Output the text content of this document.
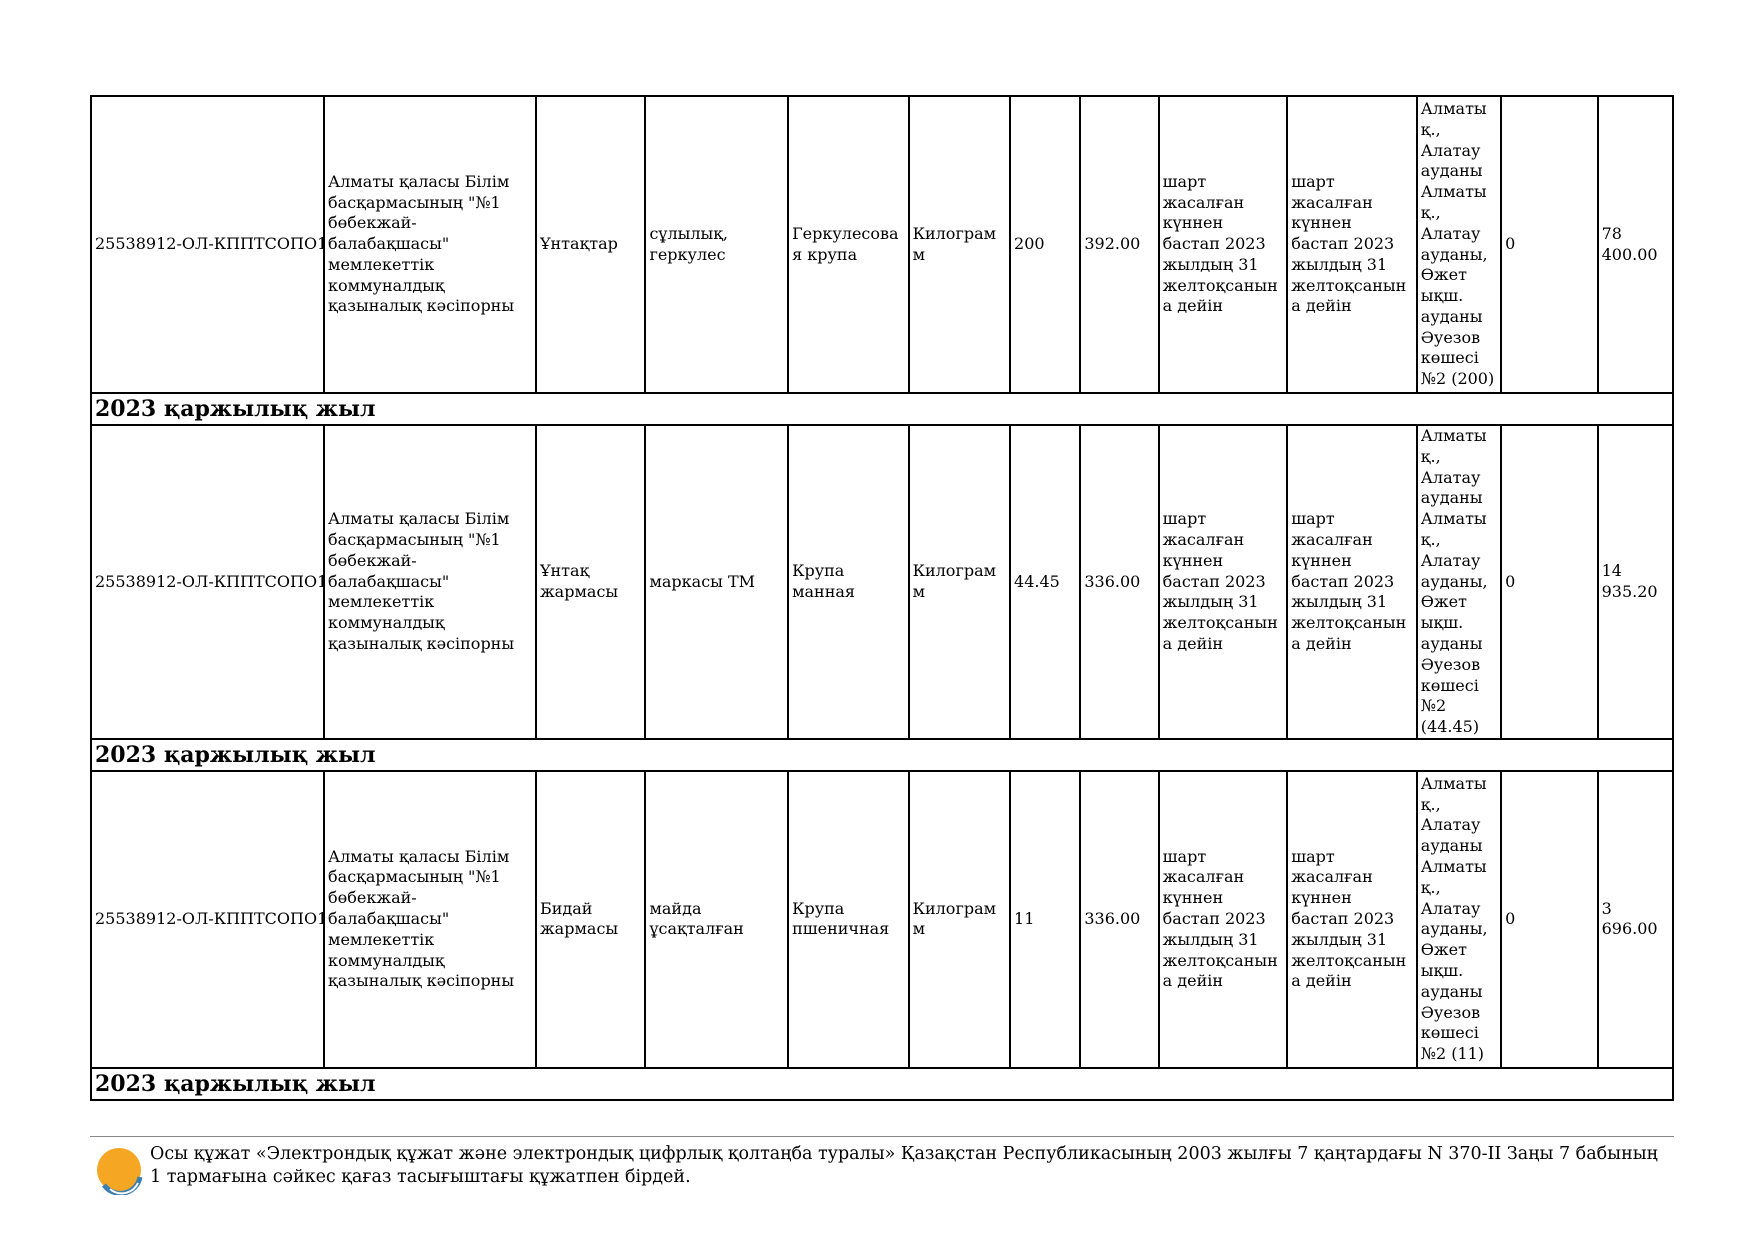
25538912-ОЛ-КППТСОПО1	Алматы қаласы Білім басқармасының "№1 бөбекжай-балабақшасы" мемлекеттік коммуналдық қазыналық кәсіпорны	Ұнтақтар	сұлылық, геркулес	Геркулесовая крупа	Килограмм	200	392.00	шарт жасалған күннен бастап 2023 жылдың 31 желтоқсанына дейін	шарт жасалған күннен бастап 2023 жылдың 31 желтоқсанына дейін	Алматы қ., Алатау ауданы Алматы қ., Алатау ауданы, Өжет ықш. ауданы Әуезов көшесі №2 (200)	0	78 400.00
2023 қаржылық жыл												
25538912-ОЛ-КППТСОПО1	Алматы қаласы Білім басқармасының "№1 бөбекжай-балабақшасы" мемлекеттік коммуналдық қазыналық кәсіпорны	Ұнтақ жармасы	маркасы ТМ	Крупа манная	Килограмм	44.45	336.00	шарт жасалған күннен бастап 2023 жылдың 31 желтоқсанына дейін	шарт жасалған күннен бастап 2023 жылдың 31 желтоқсанына дейін	Алматы қ., Алатау ауданы Алматы қ., Алатау ауданы, Өжет ықш. ауданы Әуезов көшесі №2 (44.45)	0	14 935.20
2023 қаржылық жыл												
25538912-ОЛ-КППТСОПО1	Алматы қаласы Білім басқармасының "№1 бөбекжай-балабақшасы" мемлекеттік коммуналдық қазыналық кәсіпорны	Бидай жармасы	майда ұсақталған	Крупа пшеничная	Килограмм	11	336.00	шарт жасалған күннен бастап 2023 жылдың 31 желтоқсанына дейін	шарт жасалған күннен бастап 2023 жылдың 31 желтоқсанына дейін	Алматы қ., Алатау ауданы Алматы қ., Алатау ауданы, Өжет ықш. ауданы Әуезов көшесі №2 (11)	0	3 696.00
2023 қаржылық жыл												
Осы құжат «Электрондық құжат және электрондық цифрлық қолтаңба туралы» Қазақстан Республикасының 2003 жылғы 7 қаңтардағы N 370-II Заңы 7 бабының 1 тармағына сәйкес қағаз тасығыштағы құжатпен бірдей.
